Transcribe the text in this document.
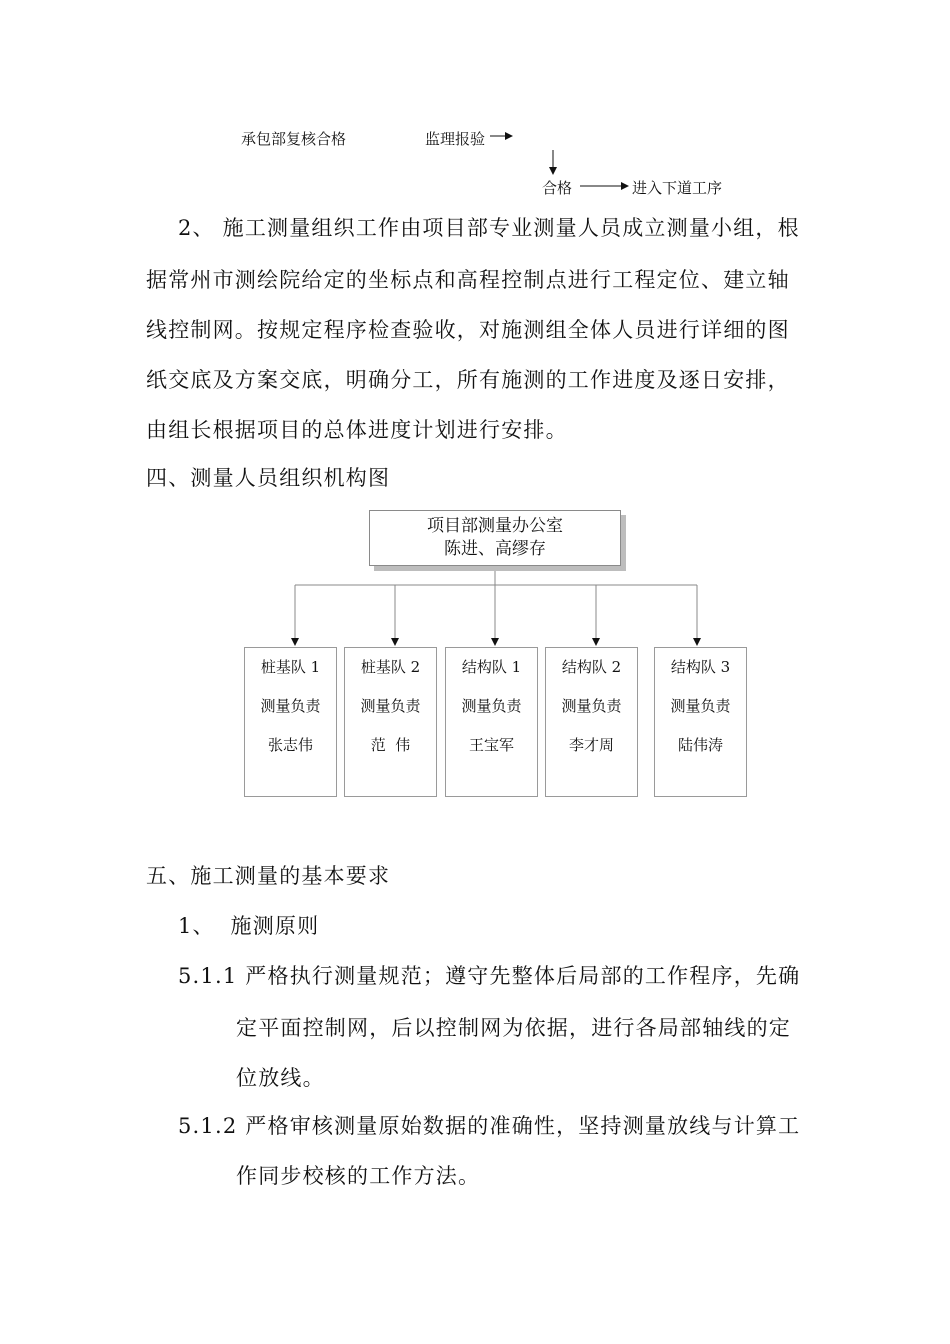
承包部复核合格	监理报验
合格	进入下道工序
2、 施工测量组织工作由项目部专业测量人员成立测量小组，根
据常州市测绘院给定的坐标点和高程控制点进行工程定位、建立轴
线控制网。按规定程序检查验收，对施测组全体人员进行详细的图
纸交底及方案交底，明确分工，所有施测的工作进度及逐日安排，
由组长根据项目的总体进度计划进行安排。
四、测量人员组织机构图
项目部测量办公室
陈进、高缪存
桩基队 1
测量负责
张志伟
桩基队 2
测量负责
范  伟
结构队 1
测量负责
王宝军
结构队 2
测量负责
李才周
结构队 3
测量负责
陆伟涛
五、施工测量的基本要求
1、  施测原则
5.1.1 严格执行测量规范；遵守先整体后局部的工作程序，先确
定平面控制网，后以控制网为依据，进行各局部轴线的定
位放线。
5.1.2 严格审核测量原始数据的准确性，坚持测量放线与计算工
作同步校核的工作方法。
